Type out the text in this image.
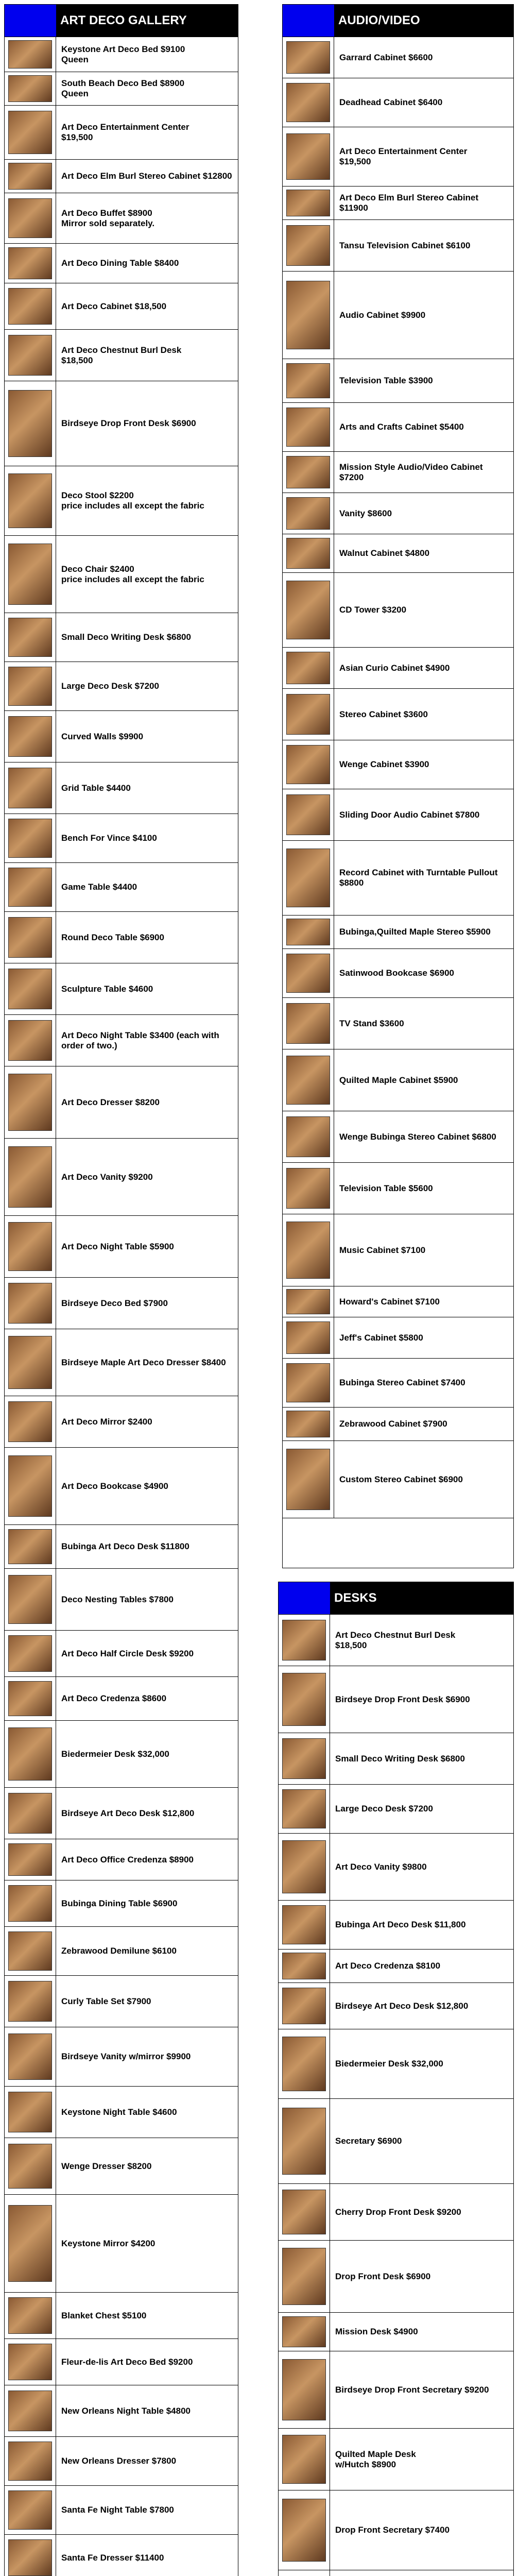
ART DECO GALLERY
Keystone Art Deco Bed $9100
Queen
South Beach Deco Bed $8900
Queen
Art Deco Entertainment Center
$19,500
Art Deco Elm Burl Stereo Cabinet $12800
Art Deco Buffet $8900
Mirror sold separately.
Art Deco Dining Table $8400
Art Deco Cabinet $18,500
Art Deco Chestnut Burl Desk
$18,500
Birdseye Drop Front Desk $6900
Deco Stool $2200
price includes all except the fabric
Deco Chair $2400
price includes all except the fabric
Small Deco Writing Desk $6800
Large Deco Desk $7200
Curved Walls $9900
Grid Table $4400
Bench For Vince $4100
Game Table $4400
Round Deco Table $6900
Sculpture Table $4600
Art Deco Night Table $3400 (each with order of two.)
Art Deco Dresser $8200
Art Deco Vanity $9200
Art Deco Night Table $5900
Birdseye Deco Bed $7900
Birdseye Maple Art Deco Dresser $8400
Art Deco Mirror $2400
Art Deco Bookcase $4900
Bubinga Art Deco Desk $11800
Deco Nesting Tables $7800
Art Deco Half Circle Desk $9200
Art Deco Credenza $8600
Biedermeier Desk $32,000
Birdseye Art Deco Desk $12,800
Art Deco Office Credenza $8900
Bubinga Dining Table $6900
Zebrawood Demilune $6100
Curly Table Set $7900
Birdseye Vanity w/mirror $9900
Keystone Night Table $4600
Wenge Dresser $8200
Keystone Mirror $4200
Blanket Chest $5100
Fleur-de-lis Art Deco Bed $9200
New Orleans Night Table $4800
New Orleans Dresser $7800
Santa Fe Night Table $7800
Santa Fe Dresser $11400
AUDIO/VIDEO
Garrard Cabinet $6600
Deadhead Cabinet $6400
Art Deco Entertainment Center
$19,500
Art Deco Elm Burl Stereo Cabinet $11900
Tansu Television Cabinet $6100
Audio Cabinet $9900
Television Table $3900
Arts and Crafts Cabinet $5400
Mission Style Audio/Video Cabinet $7200
Vanity $8600
Walnut Cabinet $4800
CD Tower $3200
Asian Curio Cabinet $4900
Stereo Cabinet $3600
Wenge Cabinet $3900
Sliding Door Audio Cabinet $7800
Record Cabinet with Turntable Pullout $8800
Bubinga,Quilted Maple Stereo $5900
Satinwood Bookcase $6900
TV Stand $3600
Quilted Maple Cabinet $5900
Wenge Bubinga Stereo Cabinet $6800
Television Table $5600
Music Cabinet $7100
Howard's Cabinet $7100
Jeff's Cabinet $5800
Bubinga Stereo Cabinet $7400
Zebrawood Cabinet $7900
Custom Stereo Cabinet $6900
DESKS
Art Deco Chestnut Burl Desk
$18,500
Birdseye Drop Front Desk $6900
Small Deco Writing Desk $6800
Large Deco Desk $7200
Art Deco Vanity $9800
Bubinga Art Deco Desk $11,800
Art Deco Credenza $8100
Birdseye Art Deco Desk $12,800
Biedermeier Desk $32,000
Secretary $6900
Cherry Drop Front Desk $9200
Drop Front Desk $6900
Mission Desk $4900
Birdseye Drop Front Secretary $9200
Quilted Maple Desk
w/Hutch $8900
Drop Front Secretary $7400
